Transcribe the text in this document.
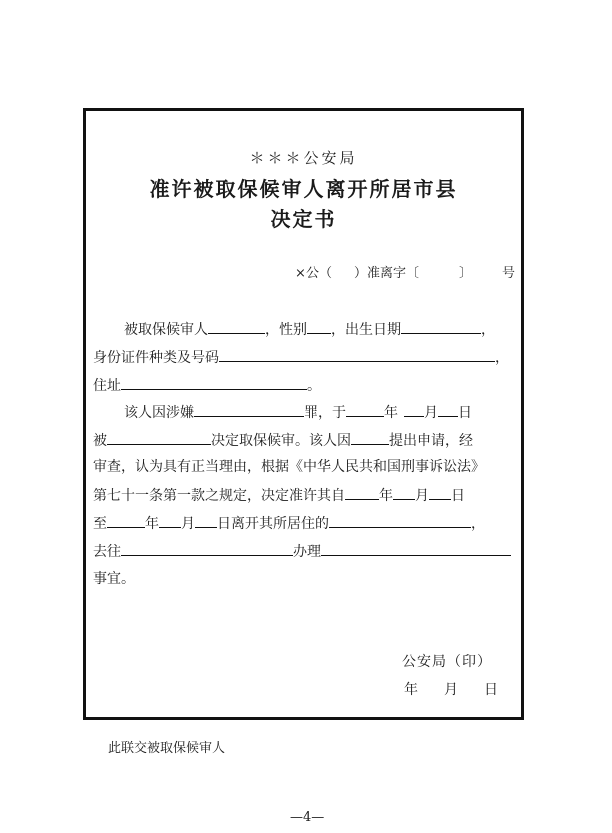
＊＊＊公安局
准许被取保候审人离开所居市县
决定书
×公（ ）准离字〔	〕 号
被取保候审人	，性别 ，出生日期	，
身份证件种类及号码	，
住址	。
该人因涉嫌	罪，于	年 月 日
被	决定取保候审。该人因	提出申请，经
审查，认为具有正当理由，根据《中华人民共和国刑事诉讼法》
第七十一条第一款之规定，决定准许其自 年 月 日
至	年 月 日离开其所居住的	，
去往	办理
事宜。
公安局（印）
年 月 日
此联交被取保候审人
—4—
